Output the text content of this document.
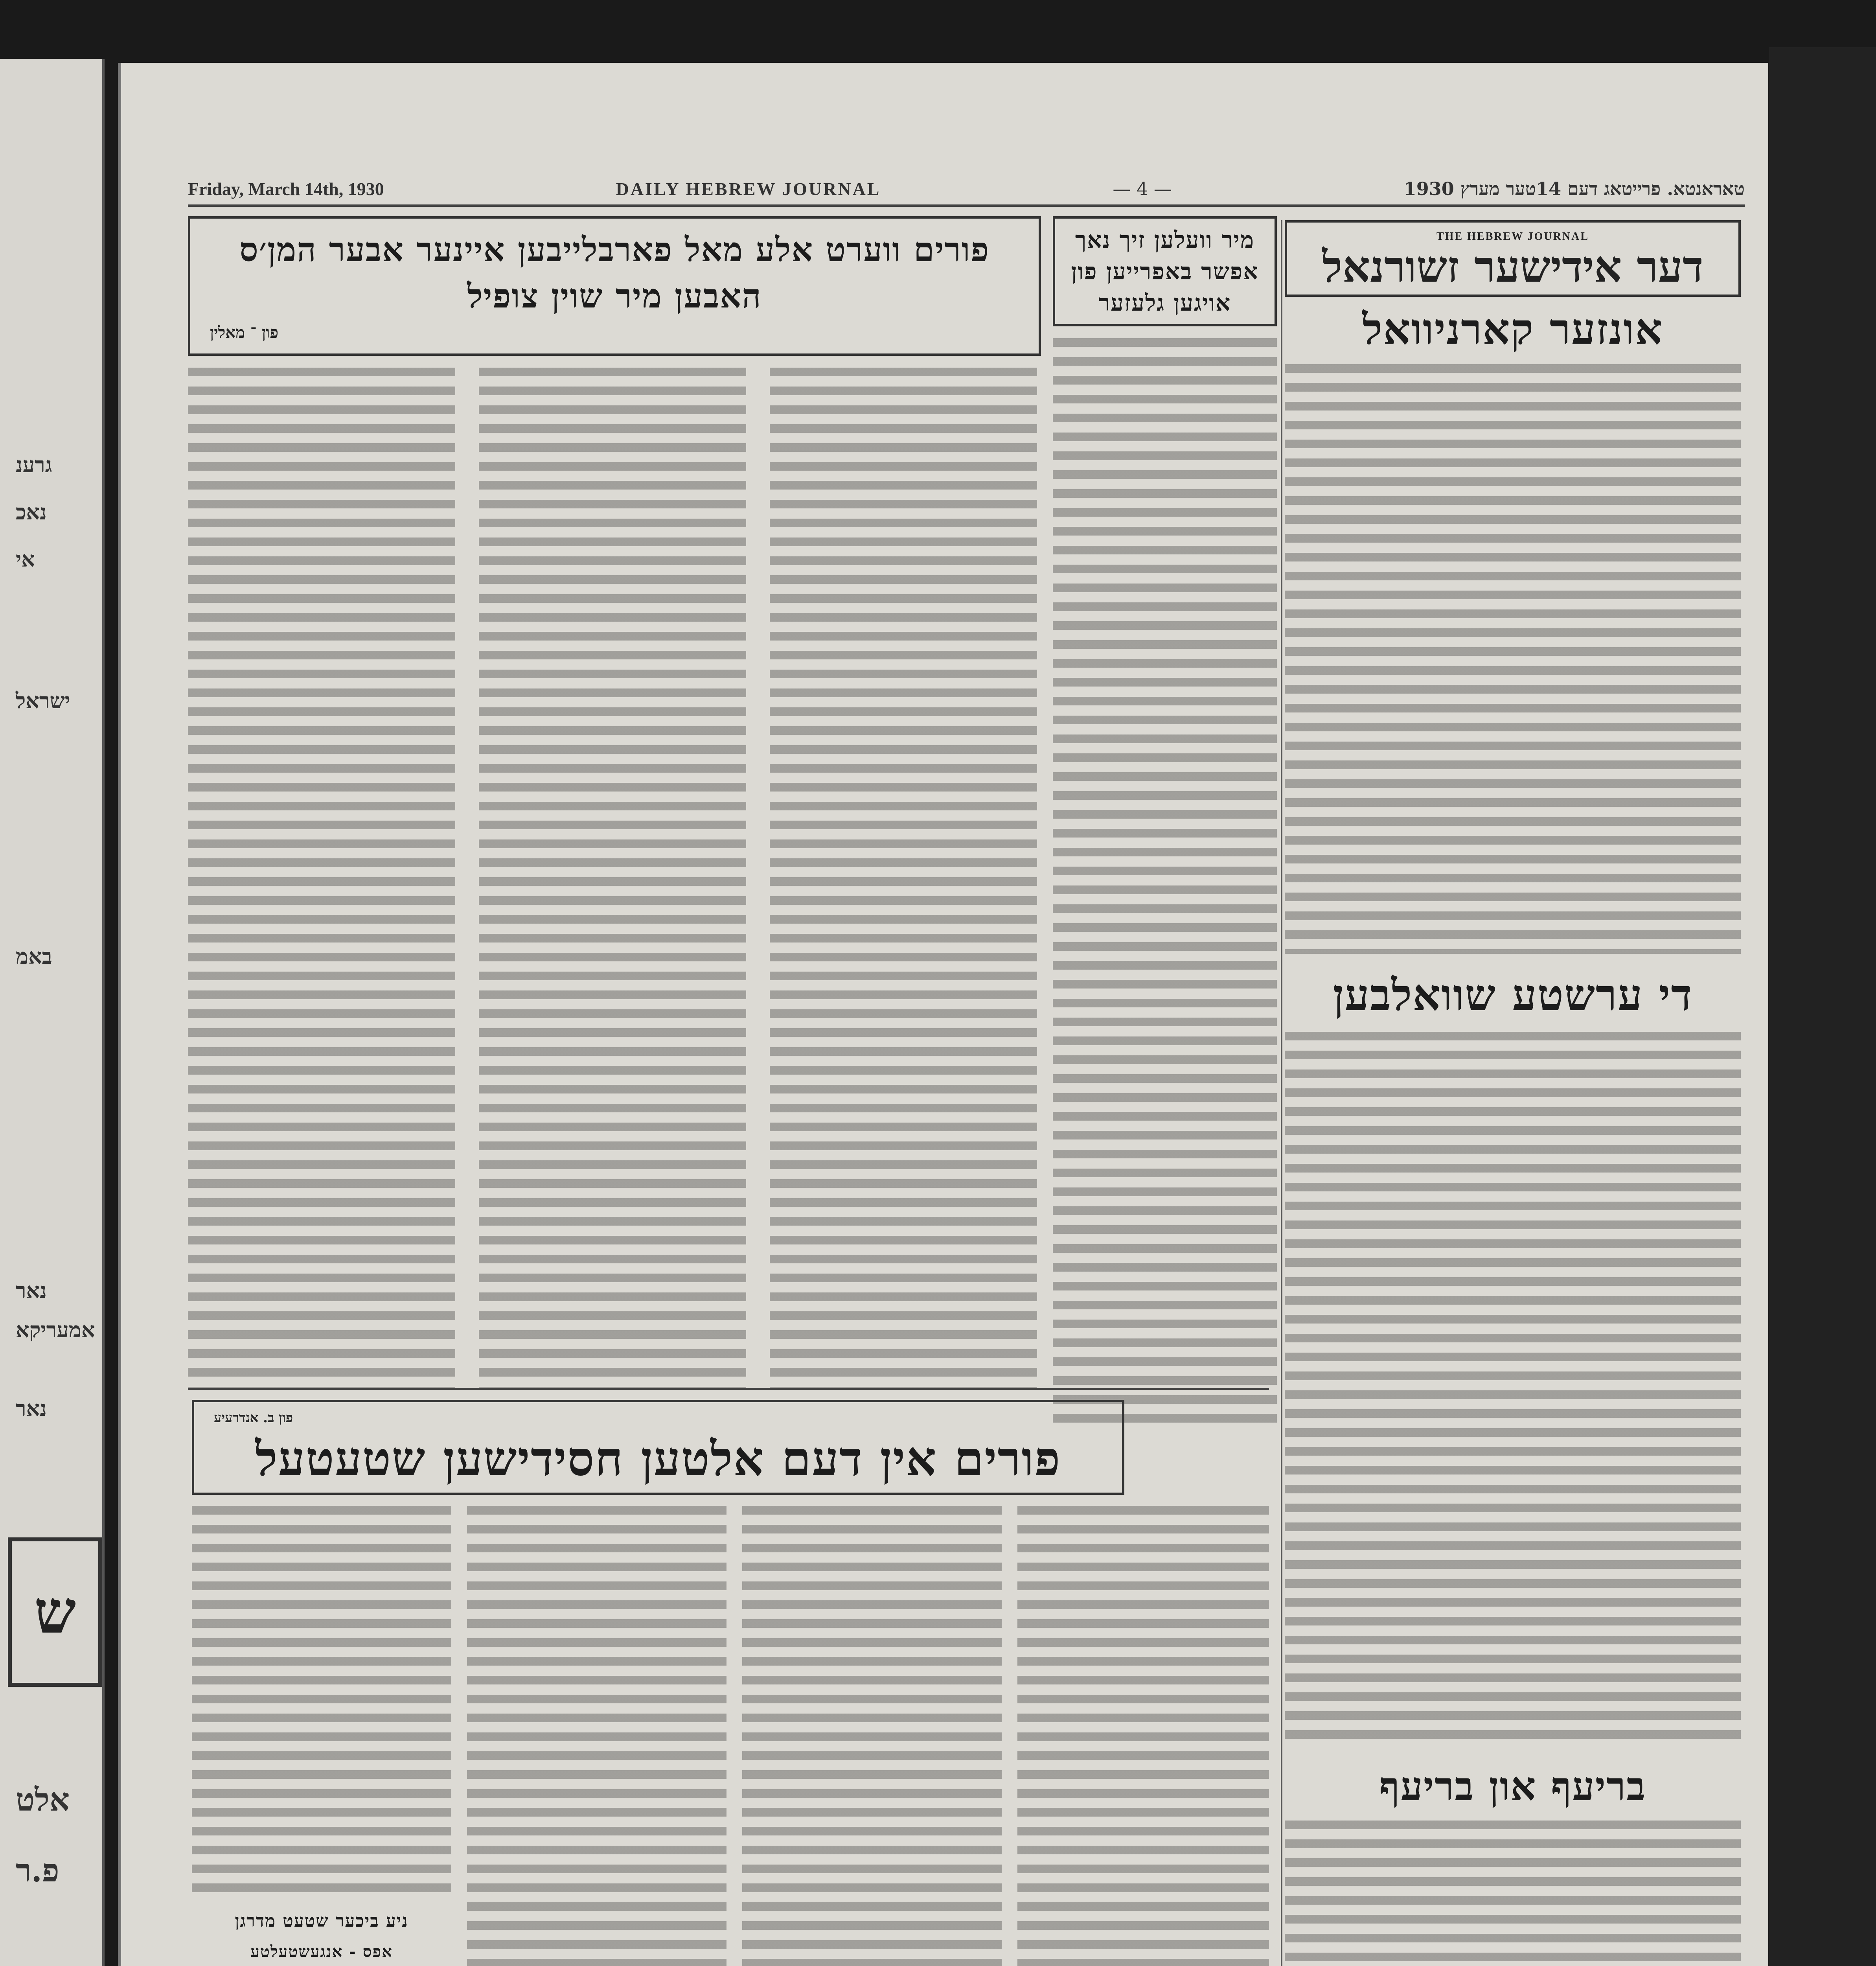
גרענ
נאכ
אי
ישראל
באמ
נאר
אמעריקא
נאר
ש
אלט
פ.ר
Friday, March 14th, 1930	DAILY HEBREW JOURNAL	— 4 —	טאראנטא. פרייטאג דעם 14טער מערץ 1930
THE HEBREW JOURNAL
דער אידישער זשורנאל
אונזער קארניוואל
די ערשטע שוואלבען
בריעף און בריעף
מיר וועלען זיך נאך אפשר באפרייען פון אויגען גלעזער
פורים ווערט אלע מאל פארבלייבען איינער אבער המן׳ס האבען מיר שוין צופיל
פון ־ מאלין
פון ב. אנדרעיע
פורים אין דעם אלטען חסידישען שטעטעל
ניע ביכער שטעט מדרגן
אפס - אנגעשטעלטע
